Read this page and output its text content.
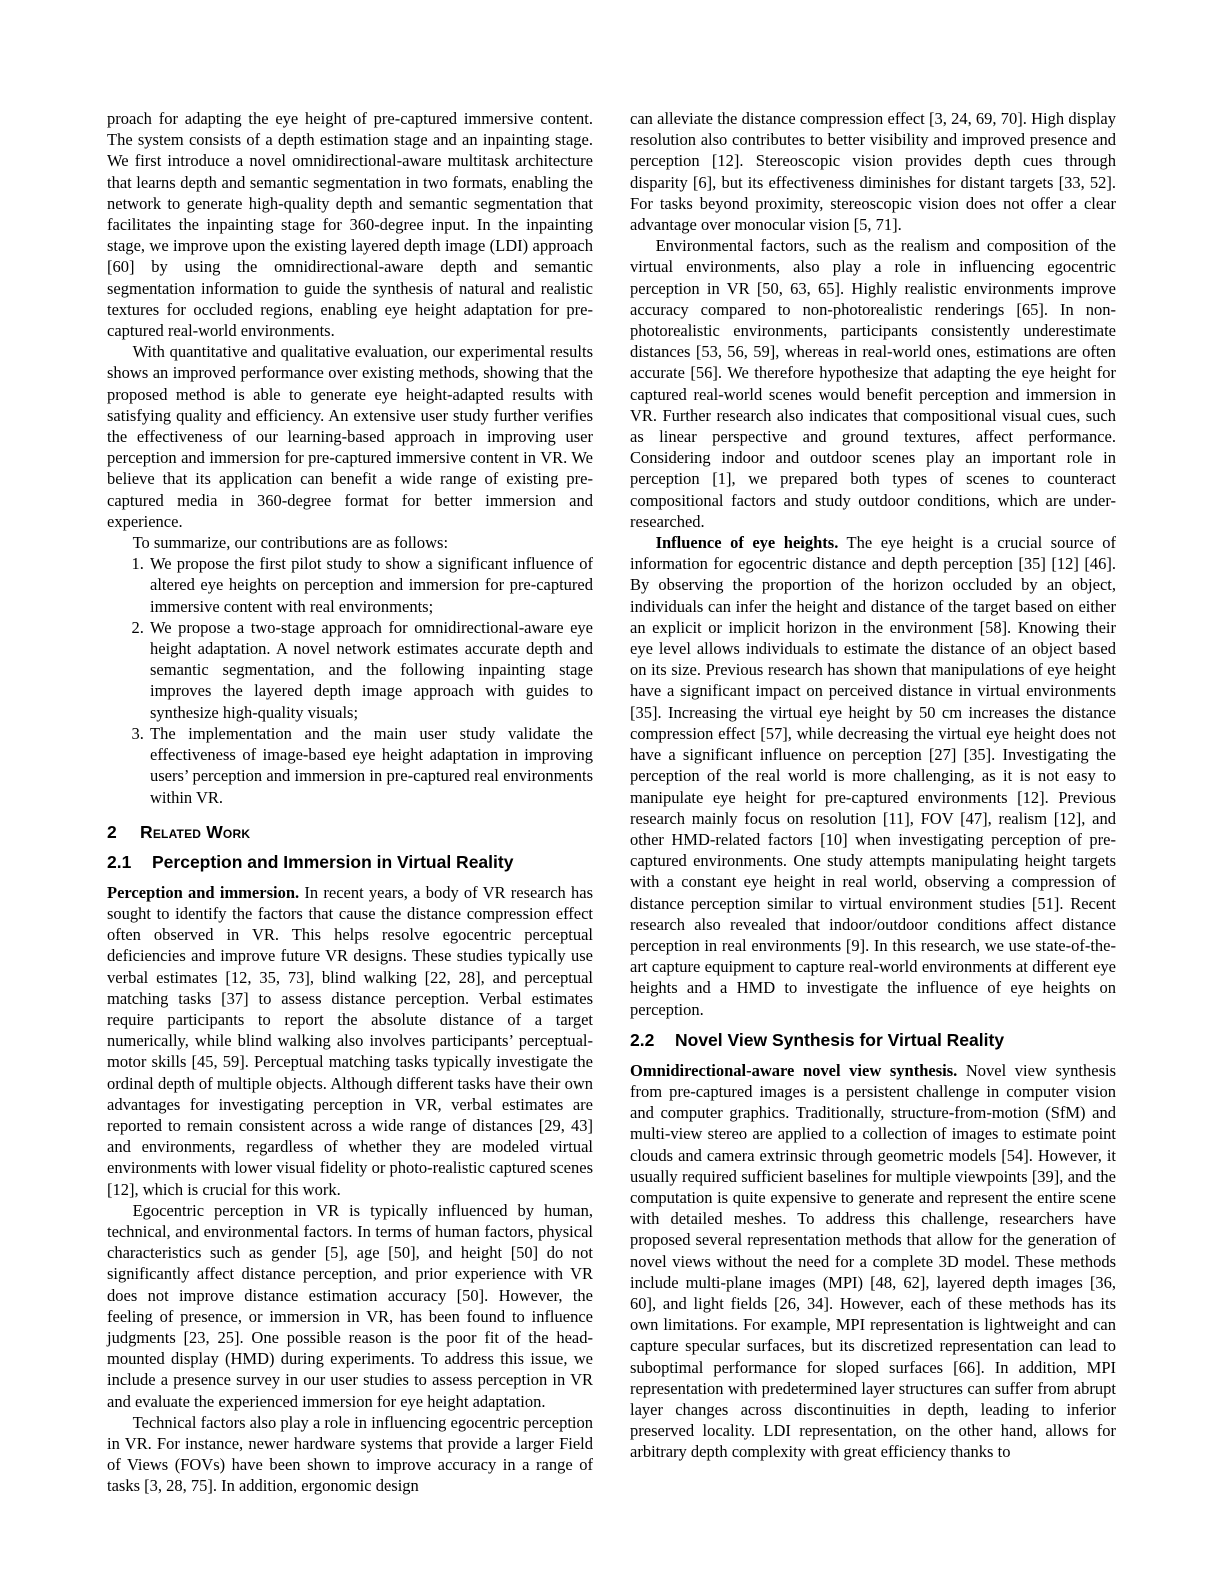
proach for adapting the eye height of pre-captured immersive content. The system consists of a depth estimation stage and an inpainting stage. We first introduce a novel omnidirectional-aware multitask architecture that learns depth and semantic segmentation in two formats, enabling the network to generate high-quality depth and semantic segmentation that facilitates the inpainting stage for 360-degree input. In the inpainting stage, we improve upon the existing layered depth image (LDI) approach [60] by using the omnidirectional-aware depth and semantic segmentation information to guide the synthesis of natural and realistic textures for occluded regions, enabling eye height adaptation for pre-captured real-world environments.

With quantitative and qualitative evaluation, our experimental results shows an improved performance over existing methods, showing that the proposed method is able to generate eye height-adapted results with satisfying quality and efficiency. An extensive user study further verifies the effectiveness of our learning-based approach in improving user perception and immersion for pre-captured immersive content in VR. We believe that its application can benefit a wide range of existing pre-captured media in 360-degree format for better immersion and experience.

To summarize, our contributions are as follows:

1. We propose the first pilot study to show a significant influence of altered eye heights on perception and immersion for pre-captured immersive content with real environments;
2. We propose a two-stage approach for omnidirectional-aware eye height adaptation. A novel network estimates accurate depth and semantic segmentation, and the following inpainting stage improves the layered depth image approach with guides to synthesize high-quality visuals;
3. The implementation and the main user study validate the effectiveness of image-based eye height adaptation in improving users’ perception and immersion in pre-captured real environments within VR.
2 Related Work
2.1 Perception and Immersion in Virtual Reality

Perception and immersion. In recent years, a body of VR research has sought to identify the factors that cause the distance compression effect often observed in VR. This helps resolve egocentric perceptual deficiencies and improve future VR designs. These studies typically use verbal estimates [12, 35, 73], blind walking [22, 28], and perceptual matching tasks [37] to assess distance perception. Verbal estimates require participants to report the absolute distance of a target numerically, while blind walking also involves participants’ perceptual-motor skills [45, 59]. Perceptual matching tasks typically investigate the ordinal depth of multiple objects. Although different tasks have their own advantages for investigating perception in VR, verbal estimates are reported to remain consistent across a wide range of distances [29, 43] and environments, regardless of whether they are modeled virtual environments with lower visual fidelity or photo-realistic captured scenes [12], which is crucial for this work.

Egocentric perception in VR is typically influenced by human, technical, and environmental factors. In terms of human factors, physical characteristics such as gender [5], age [50], and height [50] do not significantly affect distance perception, and prior experience with VR does not improve distance estimation accuracy [50]. However, the feeling of presence, or immersion in VR, has been found to influence judgments [23, 25]. One possible reason is the poor fit of the head-mounted display (HMD) during experiments. To address this issue, we include a presence survey in our user studies to assess perception in VR and evaluate the experienced immersion for eye height adaptation.

Technical factors also play a role in influencing egocentric perception in VR. For instance, newer hardware systems that provide a larger Field of Views (FOVs) have been shown to improve accuracy in a range of tasks [3, 28, 75]. In addition, ergonomic design

can alleviate the distance compression effect [3, 24, 69, 70]. High display resolution also contributes to better visibility and improved presence and perception [12]. Stereoscopic vision provides depth cues through disparity [6], but its effectiveness diminishes for distant targets [33, 52]. For tasks beyond proximity, stereoscopic vision does not offer a clear advantage over monocular vision [5, 71].

Environmental factors, such as the realism and composition of the virtual environments, also play a role in influencing egocentric perception in VR [50, 63, 65]. Highly realistic environments improve accuracy compared to non-photorealistic renderings [65]. In non-photorealistic environments, participants consistently underestimate distances [53, 56, 59], whereas in real-world ones, estimations are often accurate [56]. We therefore hypothesize that adapting the eye height for captured real-world scenes would benefit perception and immersion in VR. Further research also indicates that compositional visual cues, such as linear perspective and ground textures, affect performance. Considering indoor and outdoor scenes play an important role in perception [1], we prepared both types of scenes to counteract compositional factors and study outdoor conditions, which are under-researched.

Influence of eye heights. The eye height is a crucial source of information for egocentric distance and depth perception [35] [12] [46]. By observing the proportion of the horizon occluded by an object, individuals can infer the height and distance of the target based on either an explicit or implicit horizon in the environment [58]. Knowing their eye level allows individuals to estimate the distance of an object based on its size. Previous research has shown that manipulations of eye height have a significant impact on perceived distance in virtual environments [35]. Increasing the virtual eye height by 50 cm increases the distance compression effect [57], while decreasing the virtual eye height does not have a significant influence on perception [27] [35]. Investigating the perception of the real world is more challenging, as it is not easy to manipulate eye height for pre-captured environments [12]. Previous research mainly focus on resolution [11], FOV [47], realism [12], and other HMD-related factors [10] when investigating perception of pre-captured environments. One study attempts manipulating height targets with a constant eye height in real world, observing a compression of distance perception similar to virtual environment studies [51]. Recent research also revealed that indoor/outdoor conditions affect distance perception in real environments [9]. In this research, we use state-of-the-art capture equipment to capture real-world environments at different eye heights and a HMD to investigate the influence of eye heights on perception.

2.2 Novel View Synthesis for Virtual Reality

Omnidirectional-aware novel view synthesis. Novel view synthesis from pre-captured images is a persistent challenge in computer vision and computer graphics. Traditionally, structure-from-motion (SfM) and multi-view stereo are applied to a collection of images to estimate point clouds and camera extrinsic through geometric models [54]. However, it usually required sufficient baselines for multiple viewpoints [39], and the computation is quite expensive to generate and represent the entire scene with detailed meshes. To address this challenge, researchers have proposed several representation methods that allow for the generation of novel views without the need for a complete 3D model. These methods include multi-plane images (MPI) [48, 62], layered depth images [36, 60], and light fields [26, 34]. However, each of these methods has its own limitations. For example, MPI representation is lightweight and can capture specular surfaces, but its discretized representation can lead to suboptimal performance for sloped surfaces [66]. In addition, MPI representation with predetermined layer structures can suffer from abrupt layer changes across discontinuities in depth, leading to inferior preserved locality. LDI representation, on the other hand, allows for arbitrary depth complexity with great efficiency thanks to
